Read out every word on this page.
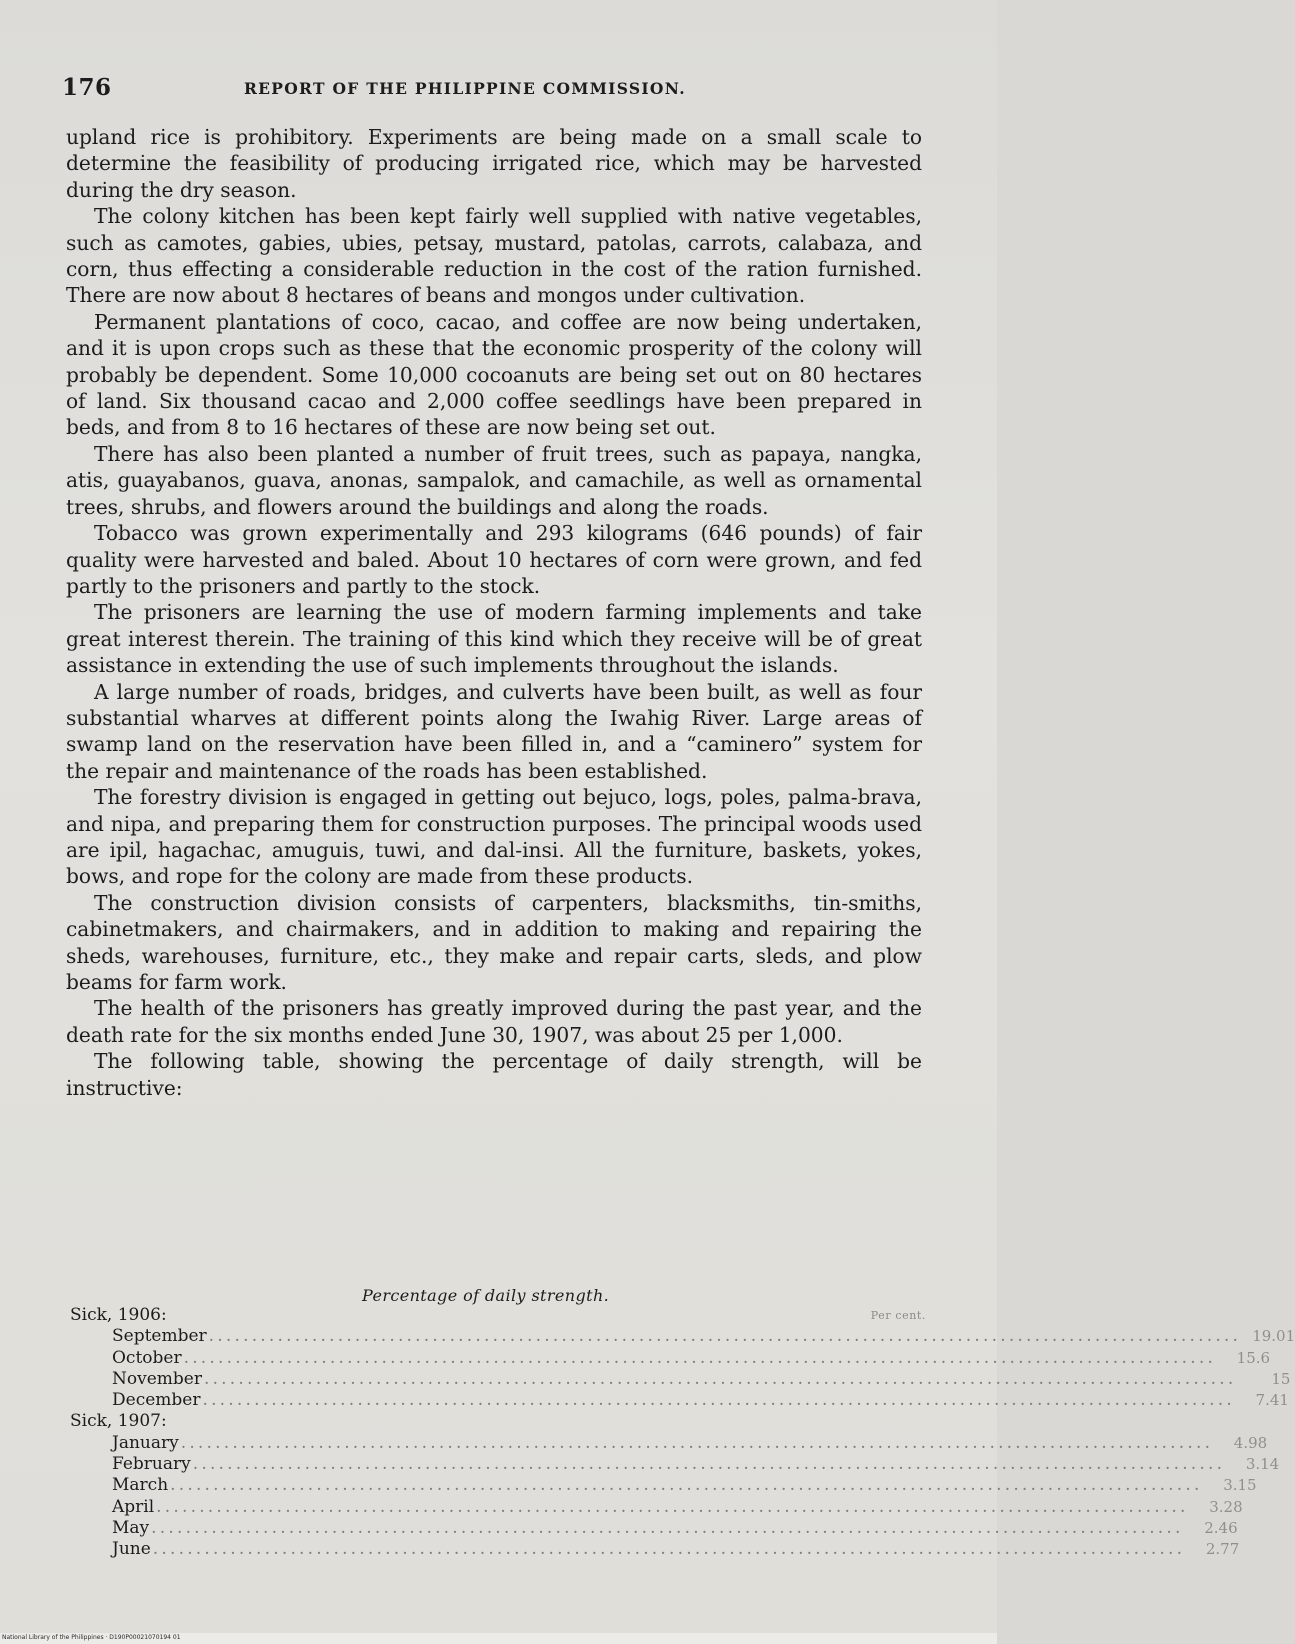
176	REPORT OF THE PHILIPPINE COMMISSION.

upland rice is prohibitory. Experiments are being made on a small scale to determine the feasibility of producing irrigated rice, which may be harvested during the dry season.

The colony kitchen has been kept fairly well supplied with native vegetables, such as camotes, gabies, ubies, petsay, mustard, patolas, carrots, calabaza, and corn, thus effecting a considerable reduction in the cost of the ration furnished. There are now about 8 hectares of beans and mongos under cultivation.

Permanent plantations of coco, cacao, and coffee are now being undertaken, and it is upon crops such as these that the economic prosperity of the colony will probably be dependent. Some 10,000 cocoanuts are being set out on 80 hectares of land. Six thousand cacao and 2,000 coffee seedlings have been prepared in beds, and from 8 to 16 hectares of these are now being set out.

There has also been planted a number of fruit trees, such as papaya, nangka, atis, guayabanos, guava, anonas, sampalok, and camachile, as well as ornamental trees, shrubs, and flowers around the buildings and along the roads.

Tobacco was grown experimentally and 293 kilograms (646 pounds) of fair quality were harvested and baled. About 10 hectares of corn were grown, and fed partly to the prisoners and partly to the stock.

The prisoners are learning the use of modern farming implements and take great interest therein. The training of this kind which they receive will be of great assistance in extending the use of such implements throughout the islands.

A large number of roads, bridges, and culverts have been built, as well as four substantial wharves at different points along the Iwahig River. Large areas of swamp land on the reservation have been filled in, and a “caminero” system for the repair and maintenance of the roads has been established.

The forestry division is engaged in getting out bejuco, logs, poles, palma-brava, and nipa, and preparing them for construction purposes. The principal woods used are ipil, hagachac, amuguis, tuwi, and dal-insi. All the furniture, baskets, yokes, bows, and rope for the colony are made from these products.

The construction division consists of carpenters, blacksmiths, tin-smiths, cabinetmakers, and chairmakers, and in addition to making and repairing the sheds, warehouses, furniture, etc., they make and repair carts, sleds, and plow beams for farm work.

The health of the prisoners has greatly improved during the past year, and the death rate for the six months ended June 30, 1907, was about 25 per 1,000.

The following table, showing the percentage of daily strength, will be instructive:

Percentage of daily strength.
Sick, 1906:	Per cent.
September ........................................................................................................................ 19.01
October ........................................................................................................................	15.6
November ........................................................................................................................	15
December ........................................................................................................................	7.41
Sick, 1907:
January ........................................................................................................................	4.98
February ........................................................................................................................	3.14
March ........................................................................................................................	3.15
April ........................................................................................................................	3.28
May ........................................................................................................................	2.46
June ........................................................................................................................	2.77
National Library of the Philippines · D190P00021070194 01
